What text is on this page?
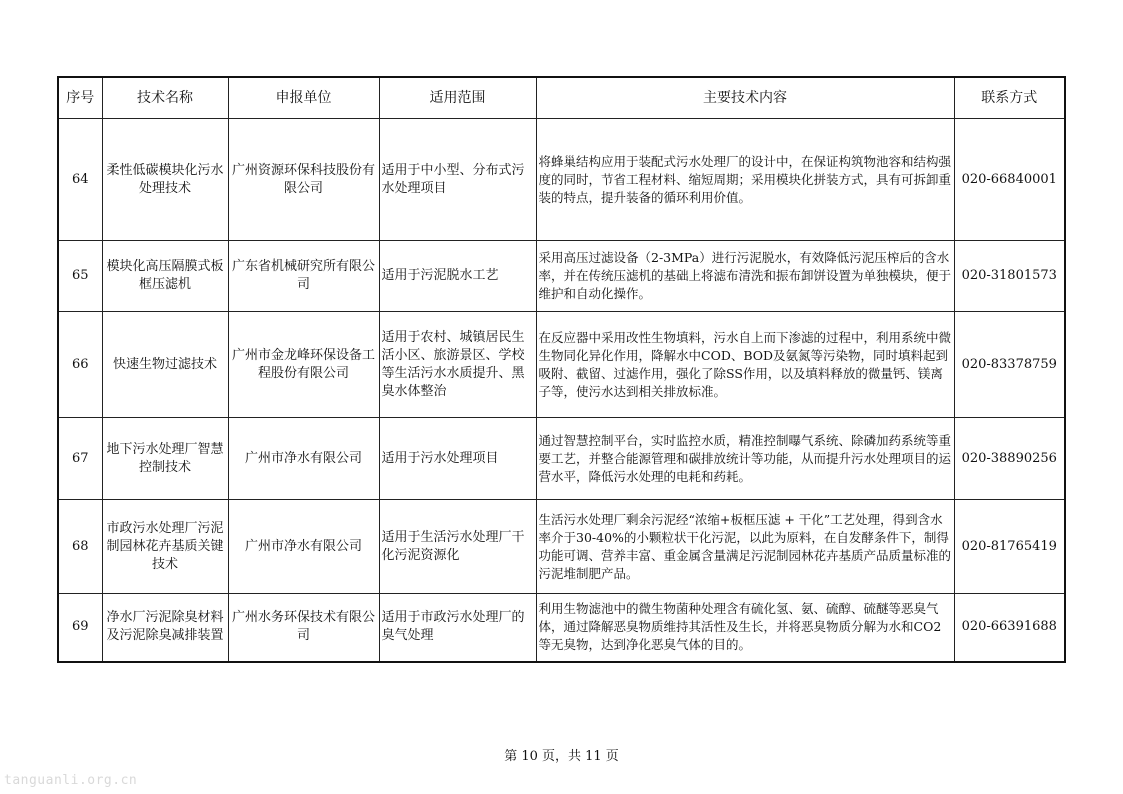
序号	技术名称	申报单位	适用范围	主要技术内容	联系方式
64	柔性低碳模块化污水处理技术	广州资源环保科技股份有限公司	适用于中小型、分布式污水处理项目	将蜂巢结构应用于装配式污水处理厂的设计中，在保证构筑物池容和结构强度的同时，节省工程材料、缩短周期；采用模块化拼装方式，具有可拆卸重装的特点，提升装备的循环利用价值。	020-66840001
65	模块化高压隔膜式板框压滤机	广东省机械研究所有限公司	适用于污泥脱水工艺	采用高压过滤设备（2-3MPa）进行污泥脱水，有效降低污泥压榨后的含水率，并在传统压滤机的基础上将滤布清洗和振布卸饼设置为单独模块，便于维护和自动化操作。	020-31801573
66	快速生物过滤技术	广州市金龙峰环保设备工程股份有限公司	适用于农村、城镇居民生活小区、旅游景区、学校等生活污水水质提升、黑臭水体整治	在反应器中采用改性生物填料，污水自上而下渗滤的过程中，利用系统中微生物同化异化作用，降解水中COD、BOD及氨氮等污染物，同时填料起到吸附、截留、过滤作用，强化了除SS作用，以及填料释放的微量钙、镁离子等，使污水达到相关排放标准。	020-83378759
67	地下污水处理厂智慧控制技术	广州市净水有限公司	适用于污水处理项目	通过智慧控制平台，实时监控水质，精准控制曝气系统、除磷加药系统等重要工艺，并整合能源管理和碳排放统计等功能，从而提升污水处理项目的运营水平，降低污水处理的电耗和药耗。	020-38890256
68	市政污水处理厂污泥制园林花卉基质关键技术	广州市净水有限公司	适用于生活污水处理厂干化污泥资源化	生活污水处理厂剩余污泥经“浓缩+板框压滤 + 干化”工艺处理，得到含水率介于30-40%的小颗粒状干化污泥，以此为原料，在自发酵条件下，制得功能可调、营养丰富、重金属含量满足污泥制园林花卉基质产品质量标准的污泥堆制肥产品。	020-81765419
69	净水厂污泥除臭材料及污泥除臭减排装置	广州水务环保技术有限公司	适用于市政污水处理厂的臭气处理	利用生物滤池中的微生物菌种处理含有硫化氢、氨、硫醇、硫醚等恶臭气体，通过降解恶臭物质维持其活性及生长，并将恶臭物质分解为水和CO2等无臭物，达到净化恶臭气体的目的。	020-66391688
第 10 页，共 11 页
tanguanli.org.cn
